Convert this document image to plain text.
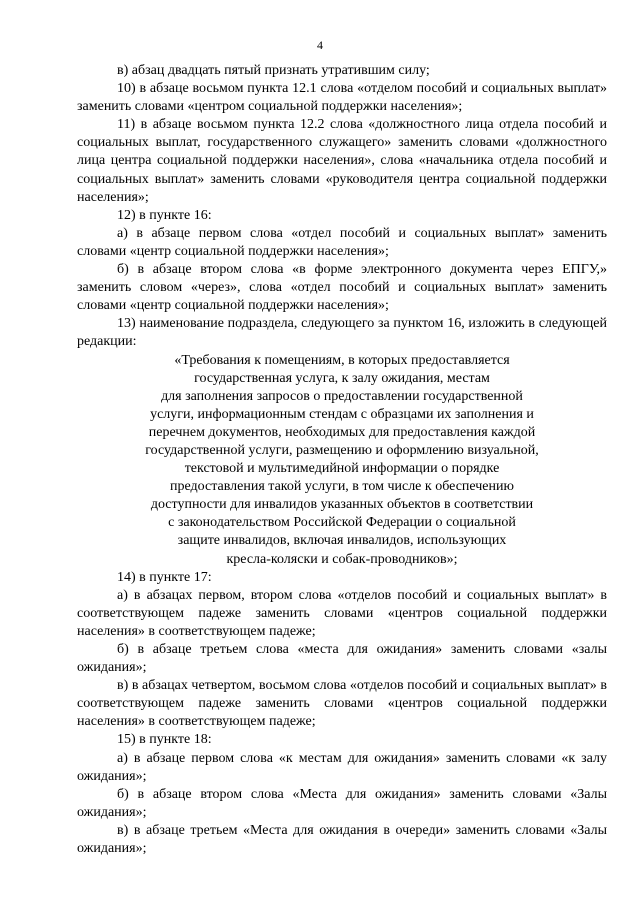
4

в) абзац двадцать пятый признать утратившим силу;

10) в абзаце восьмом пункта 12.1 слова «отделом пособий и социальных выплат» заменить словами «центром социальной поддержки населения»;

11) в абзаце восьмом пункта 12.2 слова «должностного лица отдела пособий и социальных выплат, государственного служащего» заменить словами «должностного лица центра социальной поддержки населения», слова «начальника отдела пособий и социальных выплат» заменить словами «руководителя центра социальной поддержки населения»;

12) в пункте 16:

а) в абзаце первом слова «отдел пособий и социальных выплат» заменить словами «центр социальной поддержки населения»;

б) в абзаце втором слова «в форме электронного документа через ЕПГУ,» заменить словом «через», слова «отдел пособий и социальных выплат» заменить словами «центр социальной поддержки населения»;

13) наименование подраздела, следующего за пунктом 16, изложить в следующей редакции:

«Требования к помещениям, в которых предоставляется

государственная услуга, к залу ожидания, местам

для заполнения запросов о предоставлении государственной

услуги, информационным стендам с образцами их заполнения и

перечнем документов, необходимых для предоставления каждой

государственной услуги, размещению и оформлению визуальной,

текстовой и мультимедийной информации о порядке

предоставления такой услуги, в том числе к обеспечению

доступности для инвалидов указанных объектов в соответствии

с законодательством Российской Федерации о социальной

защите инвалидов, включая инвалидов, использующих

кресла-коляски и собак-проводников»;

14) в пункте 17:

а) в абзацах первом, втором слова «отделов пособий и социальных выплат» в соответствующем падеже заменить словами «центров социальной поддержки населения» в соответствующем падеже;

б) в абзаце третьем слова «места для ожидания» заменить словами «залы ожидания»;

в) в абзацах четвертом, восьмом слова «отделов пособий и социальных выплат» в соответствующем падеже заменить словами «центров социальной поддержки населения» в соответствующем падеже;

15) в пункте 18:

а) в абзаце первом слова «к местам для ожидания» заменить словами «к залу ожидания»;

б) в абзаце втором слова «Места для ожидания» заменить словами «Залы ожидания»;

в) в абзаце третьем «Места для ожидания в очереди» заменить словами «Залы ожидания»;
